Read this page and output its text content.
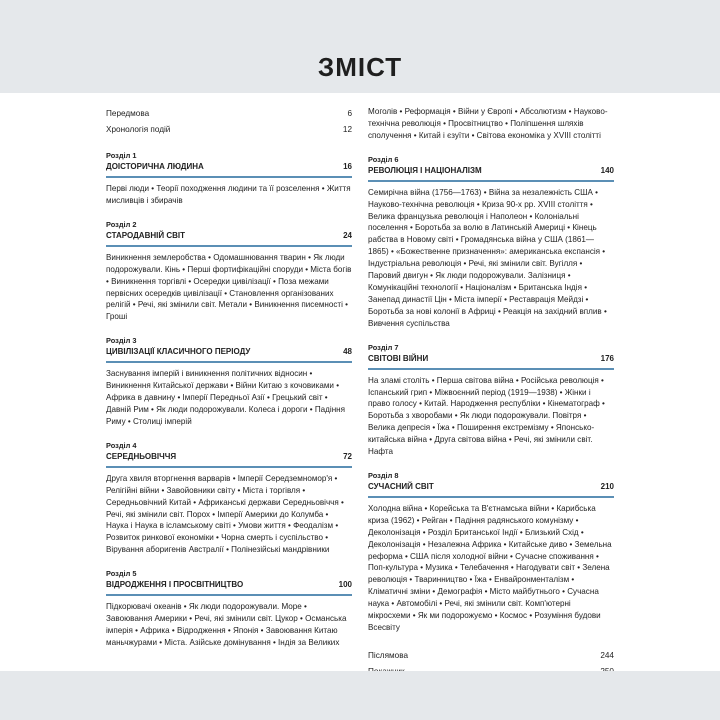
ЗМІСТ
Передмова	6
Хронологія подій	12
Розділ 1
ДОІСТОРИЧНА ЛЮДИНА	16
Перві люди • Теорії походження людини та її розселення • Життя мисливців і збирачів
Розділ 2
СТАРОДАВНІЙ СВІТ	24
Виникнення землеробства • Одомашнювання тварин • Як люди подорожували. Кінь • Перші фортифікаційні споруди • Міста богів • Виникнення торгівлі • Осередки цивілізації • Поза межами первісних осередків цивілізації • Становлення організованих релігій • Речі, які змінили світ. Метали • Виникнення писемності • Гроші
Розділ 3
ЦИВІЛІЗАЦІЇ КЛАСИЧНОГО ПЕРІОДУ	48
Заснування імперій і виникнення політичних відносин • Виникнення Китайської держави • Війни Китаю з кочовиками • Африка в давнину • Імперії Передньої Азії • Грецький світ • Давній Рим • Як люди подорожували. Колеса і дороги • Падіння Риму • Столиці імперій
Розділ 4
СЕРЕДНЬОВІЧЧЯ	72
Друга хвиля вторгнення варварів • Імперії Середземномор'я • Релігійні війни • Завойовники світу • Міста і торгівля • Середньовічний Китай • Африканські держави Середньовіччя • Речі, які змінили світ. Порох • Імперії Америки до Колумба • Наука і Наука в ісламському світі • Умови життя • Феодалізм • Розвиток ринкової економіки • Чорна смерть і суспільство • Вірування аборигенів Австралії • Полінезійські мандрівники
Розділ 5
ВІДРОДЖЕННЯ І ПРОСВІТНИЦТВО	100
Підкорювачі океанів • Як люди подорожували. Море • Завоювання Америки • Речі, які змінили світ. Цукор • Османська імперія • Африка • Відродження • Японія • Завоювання Китаю маньчжурами • Міста. Азійське домінування • Індія за Великих
Моголів • Реформація • Війни у Європі • Абсолютизм • Науково-технічна революція • Просвітництво • Поліпшення шляхів сполучення • Китай і єзуїти • Світова економіка у XVIII столітті
Розділ 6
РЕВОЛЮЦІЯ І НАЦІОНАЛІЗМ	140
Семирічна війна (1756—1763) • Війна за незалежність США • Науково-технічна революція • Криза 90-х рр. XVIII століття • Велика французька революція і Наполеон • Колоніальні поселення • Боротьба за волю в Латинській Америці • Кінець рабства в Новому світі • Громадянська війна у США (1861—1865) • «Божественне призначення»: американська експансія • Індустріальна революція • Речі, які змінили світ. Вугілля • Паровий двигун • Як люди подорожували. Залізниця • Комунікаційні технології • Націоналізм • Британська Індія • Занепад династії Цін • Міста імперії • Реставрація Мейдзі • Боротьба за нові колонії в Африці • Реакція на західний вплив • Вивчення суспільства
Розділ 7
СВІТОВІ ВІЙНИ	176
На зламі століть • Перша світова війна • Російська революція • Іспанський грип • Міжвоєнний період (1919—1938) • Жінки і право голосу • Китай. Народження республіки • Кінематограф • Боротьба з хворобами • Як люди подорожували. Повітря • Велика депресія • Їжа • Поширення екстремізму • Японсько-китайська війна • Друга світова війна • Речі, які змінили світ. Нафта
Розділ 8
СУЧАСНИЙ СВІТ	210
Холодна війна • Корейська та В'єтнамська війни • Карибська криза (1962) • Рейган • Падіння радянського комунізму • Деколонізація • Розділ Британської Індії • Близький Схід • Деколонізація • Незалежна Африка • Китайське диво • Земельна реформа • США після холодної війни • Сучасне споживання • Поп-культура • Музика • Телебачення • Нагодувати світ • Зелена революція • Тваринництво • Їжа • Енвайронменталізм • Кліматичні зміни • Демографія • Місто майбутнього • Сучасна наука • Автомобілі • Речі, які змінили світ. Комп'ютерні мікросхеми • Як ми подорожуємо • Космос • Розуміння будови Всесвіту
Післямова	244
